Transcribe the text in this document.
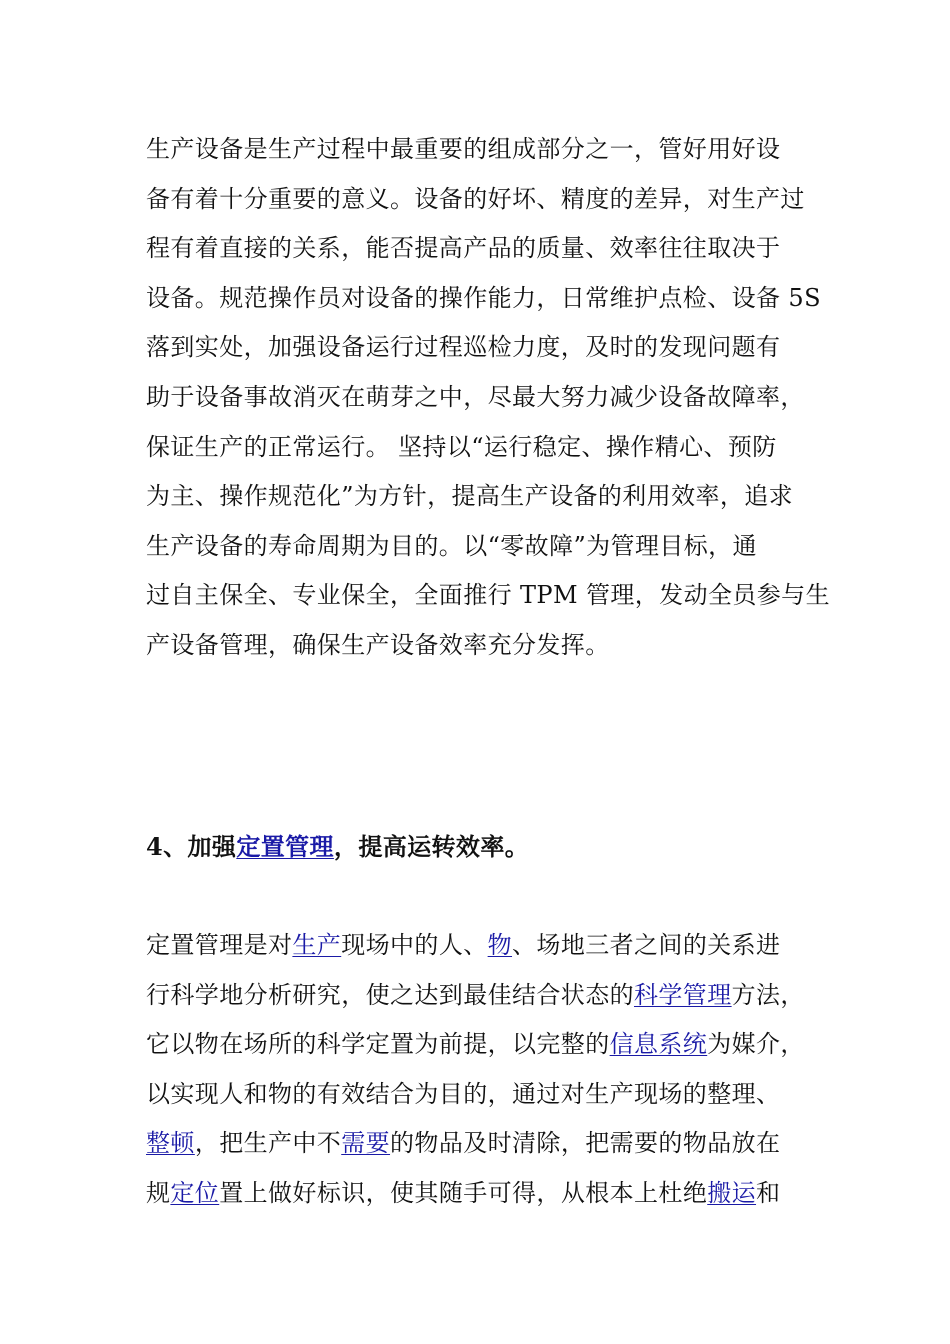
生产设备是生产过程中最重要的组成部分之一，管好用好设
备有着十分重要的意义。设备的好坏、精度的差异，对生产过
程有着直接的关系，能否提高产品的质量、效率往往取决于
设备。规范操作员对设备的操作能力，日常维护点检、设备 5S
落到实处，加强设备运行过程巡检力度，及时的发现问题有
助于设备事故消灭在萌芽之中，尽最大努力减少设备故障率，
保证生产的正常运行。 坚持以“运行稳定、操作精心、预防
为主、操作规范化”为方针，提高生产设备的利用效率，追求
生产设备的寿命周期为目的。以“零故障”为管理目标，通
过自主保全、专业保全，全面推行 TPM 管理，发动全员参与生
产设备管理，确保生产设备效率充分发挥。
4、加强定置管理，提高运转效率。
定置管理是对生产现场中的人、物、场地三者之间的关系进
行科学地分析研究，使之达到最佳结合状态的科学管理方法，
它以物在场所的科学定置为前提，以完整的信息系统为媒介，
以实现人和物的有效结合为目的，通过对生产现场的整理、
整顿，把生产中不需要的物品及时清除，把需要的物品放在
规定位置上做好标识，使其随手可得，从根本上杜绝搬运和
